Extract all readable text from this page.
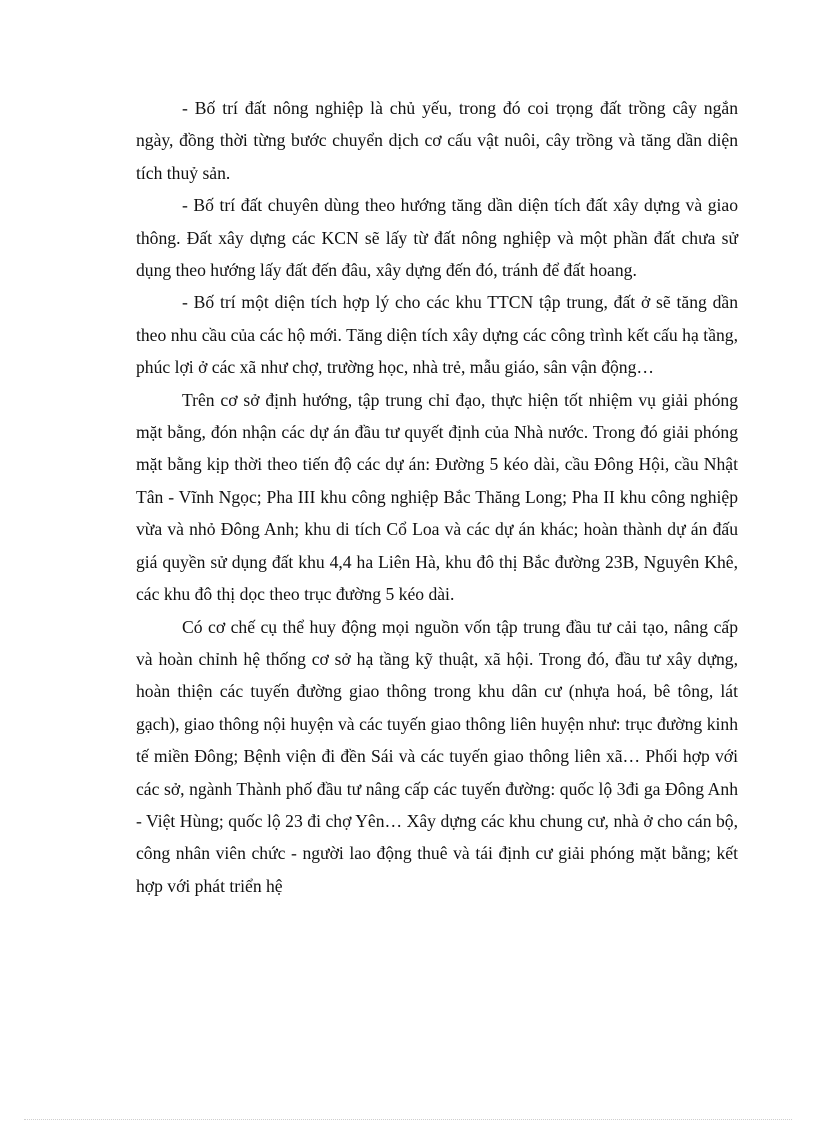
- Bố trí đất nông nghiệp là chủ yếu, trong đó coi trọng đất trồng cây ngắn ngày, đồng thời từng bước chuyển dịch cơ cấu vật nuôi, cây trồng và tăng dần diện tích thuỷ sản.

- Bố trí đất chuyên dùng theo hướng tăng dần diện tích đất xây dựng và giao thông. Đất xây dựng các KCN sẽ lấy từ đất nông nghiệp và một phần đất chưa sử dụng theo hướng lấy đất đến đâu, xây dựng đến đó, tránh để đất hoang.

- Bố trí một diện tích hợp lý cho các khu TTCN tập trung, đất ở sẽ tăng dần theo nhu cầu của các hộ mới. Tăng diện tích xây dựng các công trình kết cấu hạ tầng, phúc lợi ở các xã như chợ, trường học, nhà trẻ, mẫu giáo, sân vận động…

Trên cơ sở định hướng, tập trung chỉ đạo, thực hiện tốt nhiệm vụ giải phóng mặt bằng, đón nhận các dự án đầu tư quyết định của Nhà nước. Trong đó giải phóng mặt bằng kịp thời theo tiến độ các dự án: Đường 5 kéo dài, cầu Đông Hội, cầu Nhật Tân - Vĩnh Ngọc; Pha III khu công nghiệp Bắc Thăng Long; Pha II khu công nghiệp vừa và nhỏ Đông Anh; khu di tích Cổ Loa và các dự án khác; hoàn thành dự án đấu giá quyền sử dụng đất khu 4,4 ha Liên Hà, khu đô thị Bắc đường 23B, Nguyên Khê, các khu đô thị dọc theo trục đường 5 kéo dài.

Có cơ chế cụ thể huy động mọi nguồn vốn tập trung đầu tư cải tạo, nâng cấp và hoàn chỉnh hệ thống cơ sở hạ tầng kỹ thuật, xã hội. Trong đó, đầu tư xây dựng, hoàn thiện các tuyến đường giao thông trong khu dân cư (nhựa hoá, bê tông, lát gạch), giao thông nội huyện và các tuyến giao thông liên huyện như: trục đường kinh tế miền Đông; Bệnh viện đi đền Sái và các tuyến giao thông liên xã… Phối hợp với các sở, ngành Thành phố đầu tư nâng cấp các tuyến đường: quốc lộ 3đi ga Đông Anh - Việt Hùng; quốc lộ 23 đi chợ Yên… Xây dựng các khu chung cư, nhà ở cho cán bộ, công nhân viên chức - người lao động thuê và tái định cư giải phóng mặt bằng; kết hợp với phát triển hệ
